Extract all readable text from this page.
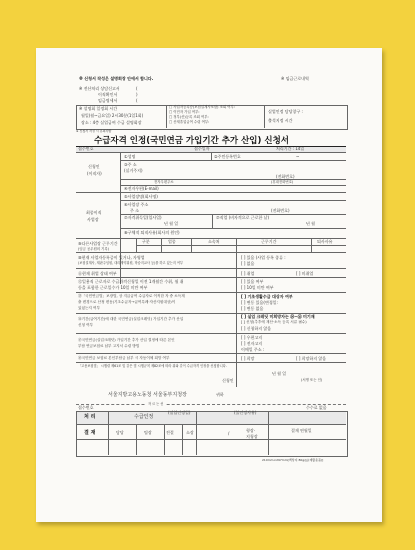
※ 신청서 작성은 설명회장 안에서 합니다.	※ 임금근로내역
※ 전산처리 상담신고서
이직확인서
임금명세서
(
)
(
※ 설명회 일정회 시간
월일(월~금요일) 2시30분(1일1회)
장소 : 4층 실업급여 수급 설명회장
□ 사업자등록증(보험설계사포함) 조회 여부:
□ 이민자 가입 여부:
□ 정부(산)등록 조회 여부:
□ 산재휴업급여 수령 여부:
실업인정 담당창구 :
출석지정 시간
※ 신청서 작성 시 유의사항
수급자격 인정(국민연금 가입기간 추가 산입) 신청서
접수번호	접수일자	처리기간 : 14일
신청인
(이직자)
①성명	②주민등록번호	~
③주 소
(실거주지)
(전화번호)
전자우편주소	(휴대전화번호)
④전자우편(E-mail)
최종이직
사업장
⑤사업장명(회사명)
⑥사업장 주소
주 소	(전화번호)
⑦자격취득일(입사일)	⑦직업 (비자격으로 근로한 날)
년 월 일	년 월
⑧구체적 퇴직사유(회사의 원인)
⑨다른사업장 근무기간
(임금 공무원의 기록)
구분	업종	소속처	근무기간	퇴사사유
⑩현재 사업자등록증이 있거나, 자영업
(보험설계사, 재판주임원, 대리계약위원, 학습지교사 등)를 하고 있는지 여부
[ ] 있음 (사업 등록 종류 :
[ ] 없음
⑪현재 취업 상태 여부	[ ] 취업	[ ] 미취업
⑫일용직 근로자로 수급자격신청일 이전 1개월간 수취, 월 취
등을 포함한 근로일수가 10일 미만 여부
[ ] 있음 여부
[ ] 10일 미만 여부
⑬「국민연금법」보장법, 상 지급급여 수급자로 이직한 자 중 소득재
출 변경으로 산정 변동(기초수급자→급여특례·자산지원대상)이
있었는지 여부
[ ] 기초생활수급 대상자 여부
[ ] 변동 있음(변경일:
[ ] 변동 없음
⑭기간(급여기간)에 대한 국민연금(실업크레딧) 가입기간 추가 산입
신청 여부
[ ] 실업 크레딧 미희망자는 ⑭~⑯ 미기재
[ ] 신청(추후에 재산·소득 등록 서류 필수)
[ ] 신청하지 않음
⑮국민연금(실업크레딧) 가입기간 추가 산입 결정에 따른 본인
부담 연금보험료 납부 고지서 수령 방법
[ ] 우편고지
[ ] 전자고지
이메일 주소 :
⑯국민연금 보험료 본인부담금 납부 시 자동이체 희망 여부	[ ] 희망	[ ] 희망하지 않음
「고용보험법」 시행령 제61조 및 같은 법 시행규칙 제82조에 따라 위와 같이 수급자격 인정을 신청합니다.
년 월 일
신청인	(서명 또는 인)
서울지방고용노동청 서울동부지청장	귀하
자 르 는 선
접수번호	수수료 없음
처 리	수급인정
(실업인정일)	(불인정사유)
결 재	담당	팀장	전결	소장	형장·
지청장
결재 연월일
/
210mm×297mm[백상지 80g/㎡(재활용품)]
